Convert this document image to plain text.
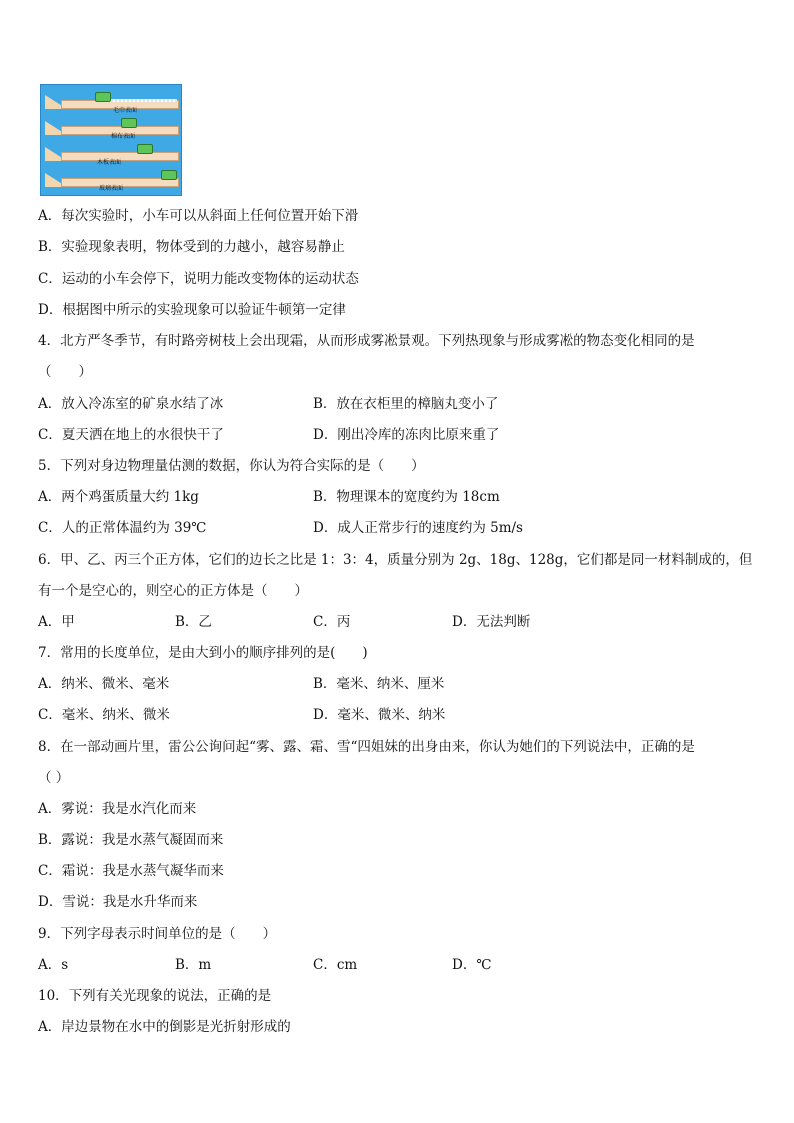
毛巾表面
棉布表面
木板表面
玻璃表面
A．每次实验时，小车可以从斜面上任何位置开始下滑
B．实验现象表明，物体受到的力越小，越容易静止
C．运动的小车会停下，说明力能改变物体的运动状态
D．根据图中所示的实验现象可以验证牛顿第一定律
4．北方严冬季节，有时路旁树枝上会出现霜，从而形成雾凇景观。下列热现象与形成雾凇的物态变化相同的是
（　　）
A．放入冷冻室的矿泉水结了冰	B．放在衣柜里的樟脑丸变小了
C．夏天洒在地上的水很快干了	D．刚出冷库的冻肉比原来重了
5．下列对身边物理量估测的数据，你认为符合实际的是（　　）
A．两个鸡蛋质量大约 1kg	B．物理课本的宽度约为 18cm
C．人的正常体温约为 39℃	D．成人正常步行的速度约为 5m/s
6．甲、乙、丙三个正方体，它们的边长之比是 1：3：4，质量分别为 2g、18g、128g，它们都是同一材料制成的，但
有一个是空心的，则空心的正方体是（　　）
A．甲	B．乙	C．丙	D．无法判断
7．常用的长度单位，是由大到小的顺序排列的是(　　)
A．纳米、微米、毫米	B．毫米、纳米、厘米
C．毫米、纳米、微米	D．毫米、微米、纳米
8．在一部动画片里，雷公公询问起“雾、露、霜、雪“四姐妹的出身由来，你认为她们的下列说法中，正确的是
（ ）
A．雾说：我是水汽化而来
B．露说：我是水蒸气凝固而来
C．霜说：我是水蒸气凝华而来
D．雪说：我是水升华而来
9．下列字母表示时间单位的是（　　）
A．s	B．m	C．cm	D．℃
10．下列有关光现象的说法，正确的是
A．岸边景物在水中的倒影是光折射形成的
